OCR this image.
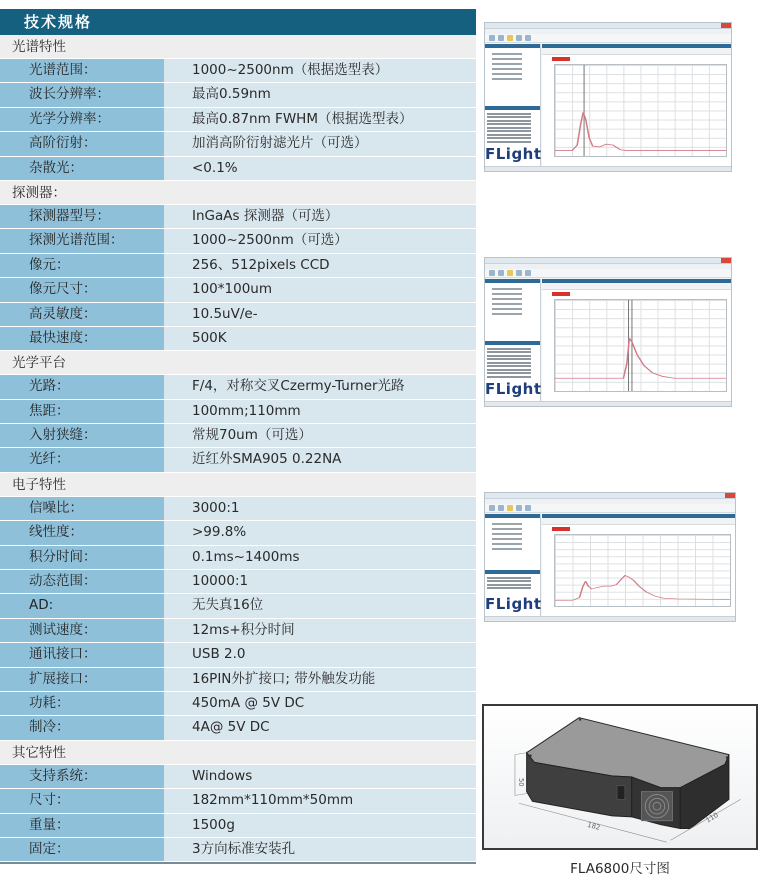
技术规格
光谱特性
光谱范围：	1000~2500nm（根据选型表）
波长分辨率：	最高0.59nm
光学分辨率：	最高0.87nm FWHM（根据选型表）
高阶衍射：	加消高阶衍射滤光片（可选）
杂散光：	<0.1%
探测器：
探测器型号：	InGaAs 探测器（可选）
探测光谱范围：	1000~2500nm（可选）
像元：	256、512pixels CCD
像元尺寸：	100*100um
高灵敏度：	10.5uV/e-
最快速度：	500K
光学平台
光路：	F/4，对称交叉Czermy-Turner光路
焦距：	100mm;110mm
入射狭缝：	常规70um（可选）
光纤：	近红外SMA905 0.22NA
电子特性
信噪比：	3000:1
线性度：	>99.8%
积分时间：	0.1ms~1400ms
动态范围：	10000:1
AD:	无失真16位
测试速度：	12ms+积分时间
通讯接口：	USB 2.0
扩展接口：	16PIN外扩接口; 带外触发功能
功耗：	450mA @ 5V DC
制冷：	4A@ 5V DC
其它特性
支持系统：	Windows
尺寸：	182mm*110mm*50mm
重量：	1500g
固定：	3方向标准安装孔
FLight
FLight
FLight
50
182
110
FLA6800尺寸图
